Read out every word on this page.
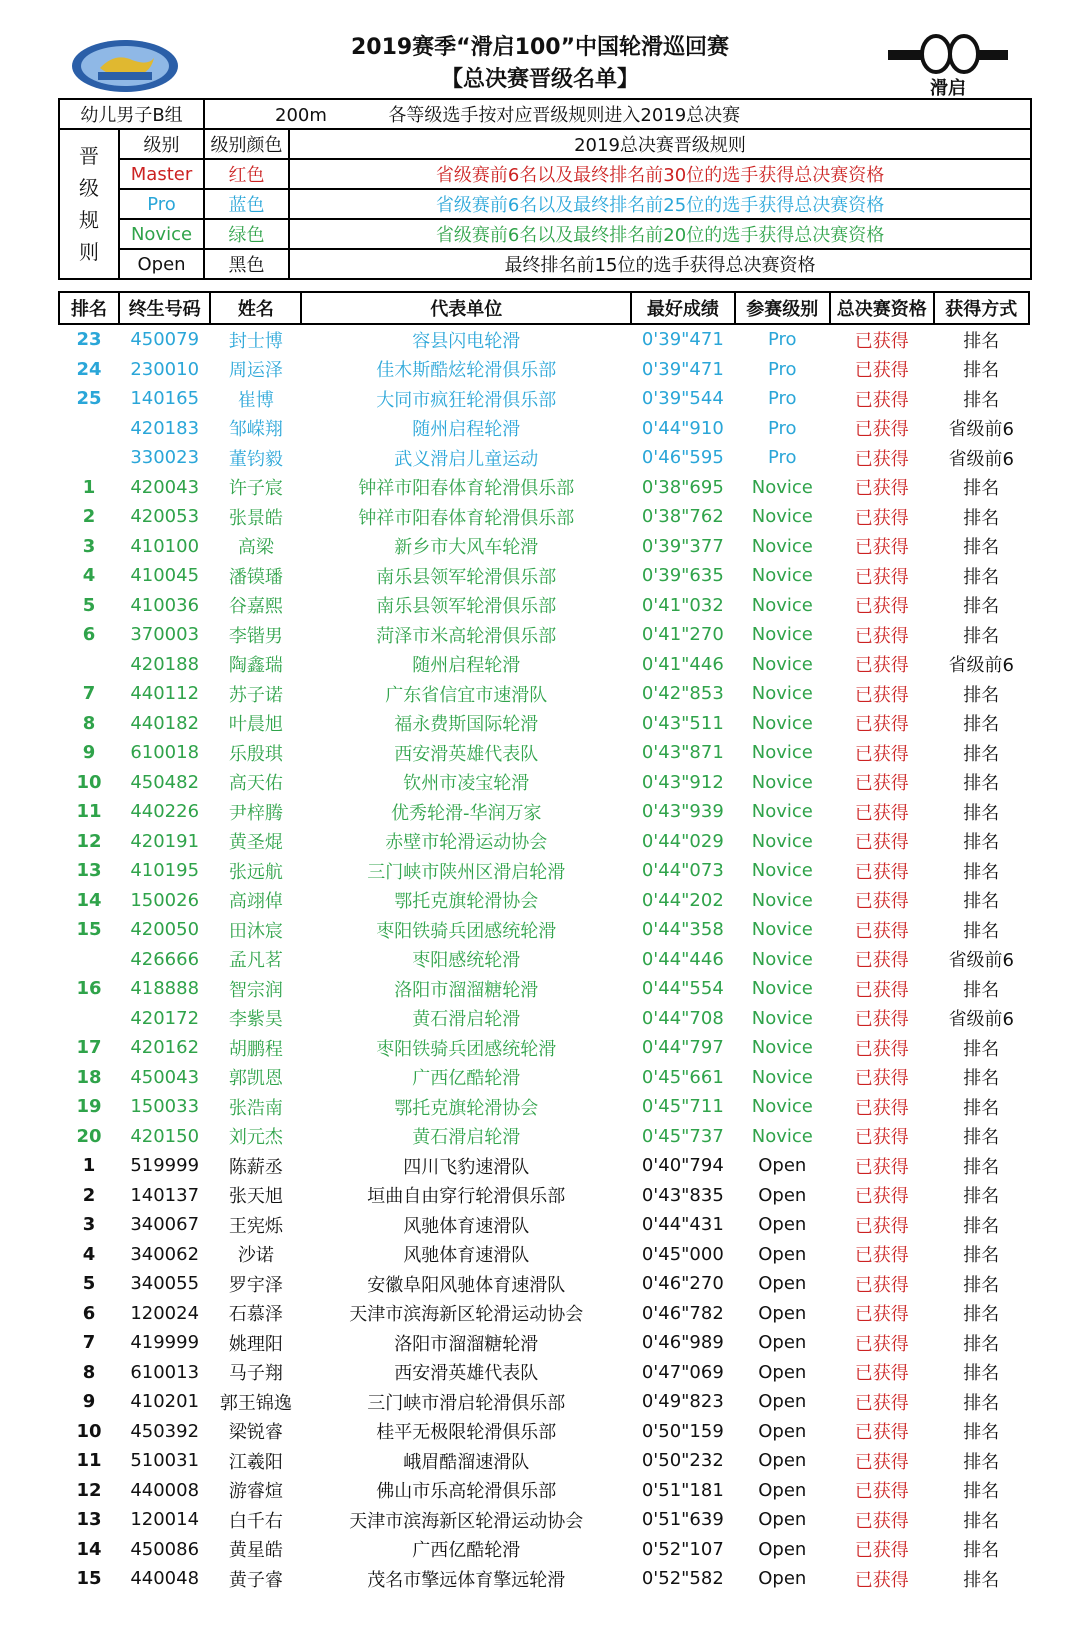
滑启
2019赛季“滑启100”中国轮滑巡回赛
【总决赛晋级名单】
幼儿男子B组		200m 各等级选手按对应晋级规则进入2019总决赛	

晋
级
规
则	级别	级别颜色	2019总决赛晋级规则
	Master	红色	省级赛前6名以及最终排名前30位的选手获得总决赛资格
	Pro	蓝色	省级赛前6名以及最终排名前25位的选手获得总决赛资格
	Novice	绿色	省级赛前6名以及最终排名前20位的选手获得总决赛资格
	Open	黑色	最终排名前15位的选手获得总决赛资格
排名	终生号码	姓名	代表单位	最好成绩	参赛级别	总决赛资格	获得方式
23	450079	封士博	容县闪电轮滑	0'39"471	Pro	已获得	排名
24	230010	周运泽	佳木斯酷炫轮滑俱乐部	0'39"471	Pro	已获得	排名
25	140165	崔博	大同市疯狂轮滑俱乐部	0'39"544	Pro	已获得	排名
	420183	邹嵘翔	随州启程轮滑	0'44"910	Pro	已获得	省级前6
	330023	董钧毅	武义滑启儿童运动	0'46"595	Pro	已获得	省级前6
1	420043	许子宸	钟祥市阳春体育轮滑俱乐部	0'38"695	Novice	已获得	排名
2	420053	张景皓	钟祥市阳春体育轮滑俱乐部	0'38"762	Novice	已获得	排名
3	410100	高梁	新乡市大风车轮滑	0'39"377	Novice	已获得	排名
4	410045	潘镆璠	南乐县领军轮滑俱乐部	0'39"635	Novice	已获得	排名
5	410036	谷嘉熙	南乐县领军轮滑俱乐部	0'41"032	Novice	已获得	排名
6	370003	李锴男	菏泽市米高轮滑俱乐部	0'41"270	Novice	已获得	排名
	420188	陶鑫瑞	随州启程轮滑	0'41"446	Novice	已获得	省级前6
7	440112	苏子诺	广东省信宜市速滑队	0'42"853	Novice	已获得	排名
8	440182	叶晨旭	福永费斯国际轮滑	0'43"511	Novice	已获得	排名
9	610018	乐殷琪	西安滑英雄代表队	0'43"871	Novice	已获得	排名
10	450482	高天佑	钦州市凌宝轮滑	0'43"912	Novice	已获得	排名
11	440226	尹梓腾	优秀轮滑-华润万家	0'43"939	Novice	已获得	排名
12	420191	黄圣焜	赤壁市轮滑运动协会	0'44"029	Novice	已获得	排名
13	410195	张远航	三门峡市陕州区滑启轮滑	0'44"073	Novice	已获得	排名
14	150026	高翊倬	鄂托克旗轮滑协会	0'44"202	Novice	已获得	排名
15	420050	田沐宸	枣阳铁骑兵团感统轮滑	0'44"358	Novice	已获得	排名
	426666	孟凡茗	枣阳感统轮滑	0'44"446	Novice	已获得	省级前6
16	418888	智宗润	洛阳市溜溜糖轮滑	0'44"554	Novice	已获得	排名
	420172	李紫昊	黄石滑启轮滑	0'44"708	Novice	已获得	省级前6
17	420162	胡鹏程	枣阳铁骑兵团感统轮滑	0'44"797	Novice	已获得	排名
18	450043	郭凯恩	广西亿酷轮滑	0'45"661	Novice	已获得	排名
19	150033	张浩南	鄂托克旗轮滑协会	0'45"711	Novice	已获得	排名
20	420150	刘元杰	黄石滑启轮滑	0'45"737	Novice	已获得	排名
1	519999	陈薪丞	四川飞豹速滑队	0'40"794	Open	已获得	排名
2	140137	张天旭	垣曲自由穿行轮滑俱乐部	0'43"835	Open	已获得	排名
3	340067	王宪烁	风驰体育速滑队	0'44"431	Open	已获得	排名
4	340062	沙诺	风驰体育速滑队	0'45"000	Open	已获得	排名
5	340055	罗宇泽	安徽阜阳风驰体育速滑队	0'46"270	Open	已获得	排名
6	120024	石慕泽	天津市滨海新区轮滑运动协会	0'46"782	Open	已获得	排名
7	419999	姚理阳	洛阳市溜溜糖轮滑	0'46"989	Open	已获得	排名
8	610013	马子翔	西安滑英雄代表队	0'47"069	Open	已获得	排名
9	410201	郭王锦逸	三门峡市滑启轮滑俱乐部	0'49"823	Open	已获得	排名
10	450392	梁锐睿	桂平无极限轮滑俱乐部	0'50"159	Open	已获得	排名
11	510031	江羲阳	峨眉酷溜速滑队	0'50"232	Open	已获得	排名
12	440008	游睿煊	佛山市乐高轮滑俱乐部	0'51"181	Open	已获得	排名
13	120014	白千右	天津市滨海新区轮滑运动协会	0'51"639	Open	已获得	排名
14	450086	黄星皓	广西亿酷轮滑	0'52"107	Open	已获得	排名
15	440048	黄子睿	茂名市擎远体育擎远轮滑	0'52"582	Open	已获得	排名
